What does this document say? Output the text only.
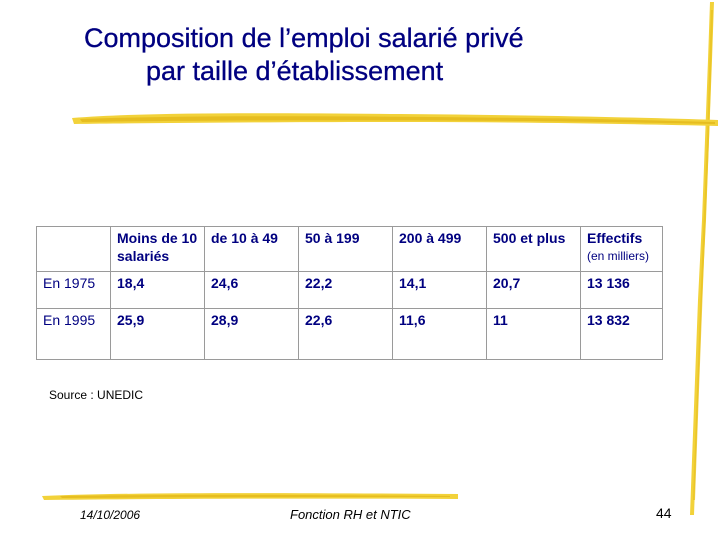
Composition de l’emploi salarié privé
par taille d’établissement
	Moins de 10 salariés	de 10 à 49	50 à 199	200 à 499	500 et plus	Effectifs
(en milliers)

En 1975	18,4	24,6	22,2	14,1	20,7	13 136
En 1995	25,9	28,9	22,6	11,6	11	13 832
Source : UNEDIC
14/10/2006	Fonction RH et NTIC	44
